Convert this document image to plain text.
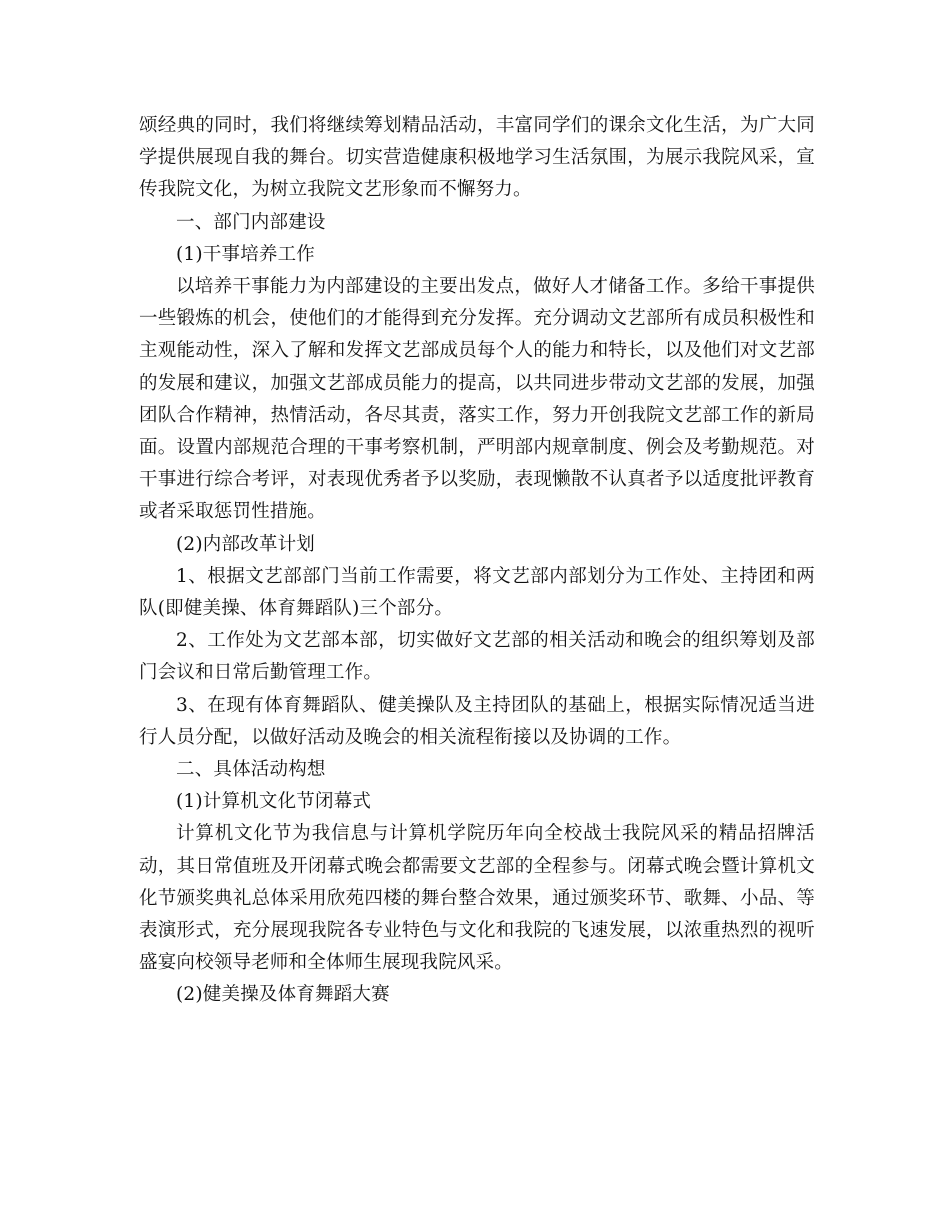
颂经典的同时，我们将继续筹划精品活动，丰富同学们的课余文化生活，为广大同学提供展现自我的舞台。切实营造健康积极地学习生活氛围，为展示我院风采，宣传我院文化，为树立我院文艺形象而不懈努力。

一、部门内部建设

(1)干事培养工作

以培养干事能力为内部建设的主要出发点，做好人才储备工作。多给干事提供一些锻炼的机会，使他们的才能得到充分发挥。充分调动文艺部所有成员积极性和主观能动性，深入了解和发挥文艺部成员每个人的能力和特长，以及他们对文艺部的发展和建议，加强文艺部成员能力的提高，以共同进步带动文艺部的发展，加强团队合作精神，热情活动，各尽其责，落实工作，努力开创我院文艺部工作的新局面。设置内部规范合理的干事考察机制，严明部内规章制度、例会及考勤规范。对干事进行综合考评，对表现优秀者予以奖励，表现懒散不认真者予以适度批评教育或者采取惩罚性措施。

(2)内部改革计划

1、根据文艺部部门当前工作需要，将文艺部内部划分为工作处、主持团和两队(即健美操、体育舞蹈队)三个部分。

2、工作处为文艺部本部，切实做好文艺部的相关活动和晚会的组织筹划及部门会议和日常后勤管理工作。

3、在现有体育舞蹈队、健美操队及主持团队的基础上，根据实际情况适当进行人员分配，以做好活动及晚会的相关流程衔接以及协调的工作。

二、具体活动构想

(1)计算机文化节闭幕式

计算机文化节为我信息与计算机学院历年向全校战士我院风采的精品招牌活动，其日常值班及开闭幕式晚会都需要文艺部的全程参与。闭幕式晚会暨计算机文化节颁奖典礼总体采用欣苑四楼的舞台整合效果，通过颁奖环节、歌舞、小品、等表演形式，充分展现我院各专业特色与文化和我院的飞速发展，以浓重热烈的视听盛宴向校领导老师和全体师生展现我院风采。

(2)健美操及体育舞蹈大赛
